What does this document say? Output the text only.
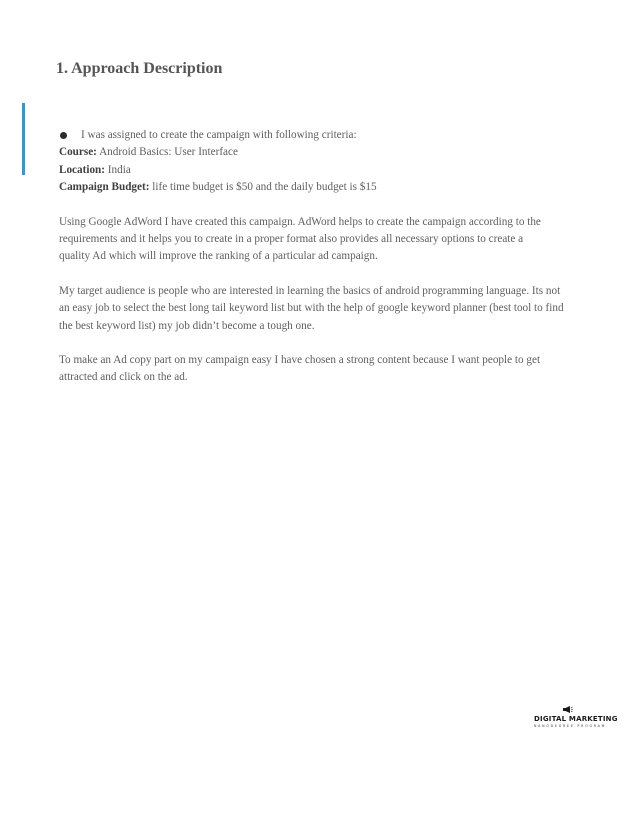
1. Approach Description
I was assigned to create the campaign with following criteria:
Course: Android Basics: User Interface
Location: India
Campaign Budget: life time budget is $50 and the daily budget is $15

Using Google AdWord I have created this campaign. AdWord helps to create the campaign according to the

requirements and it helps you to create in a proper format also provides all necessary options to create a

quality Ad which will improve the ranking of a particular ad campaign.

My target audience is people who are interested in learning the basics of android programming language. Its not

an easy job to select the best long tail keyword list but with the help of google keyword planner (best tool to find

the best keyword list) my job didn’t become a tough one.

To make an Ad copy part on my campaign easy I have chosen a strong content because I want people to get

attracted and click on the ad.

DIGITAL MARKETING
NANODEGREE PROGRAM
